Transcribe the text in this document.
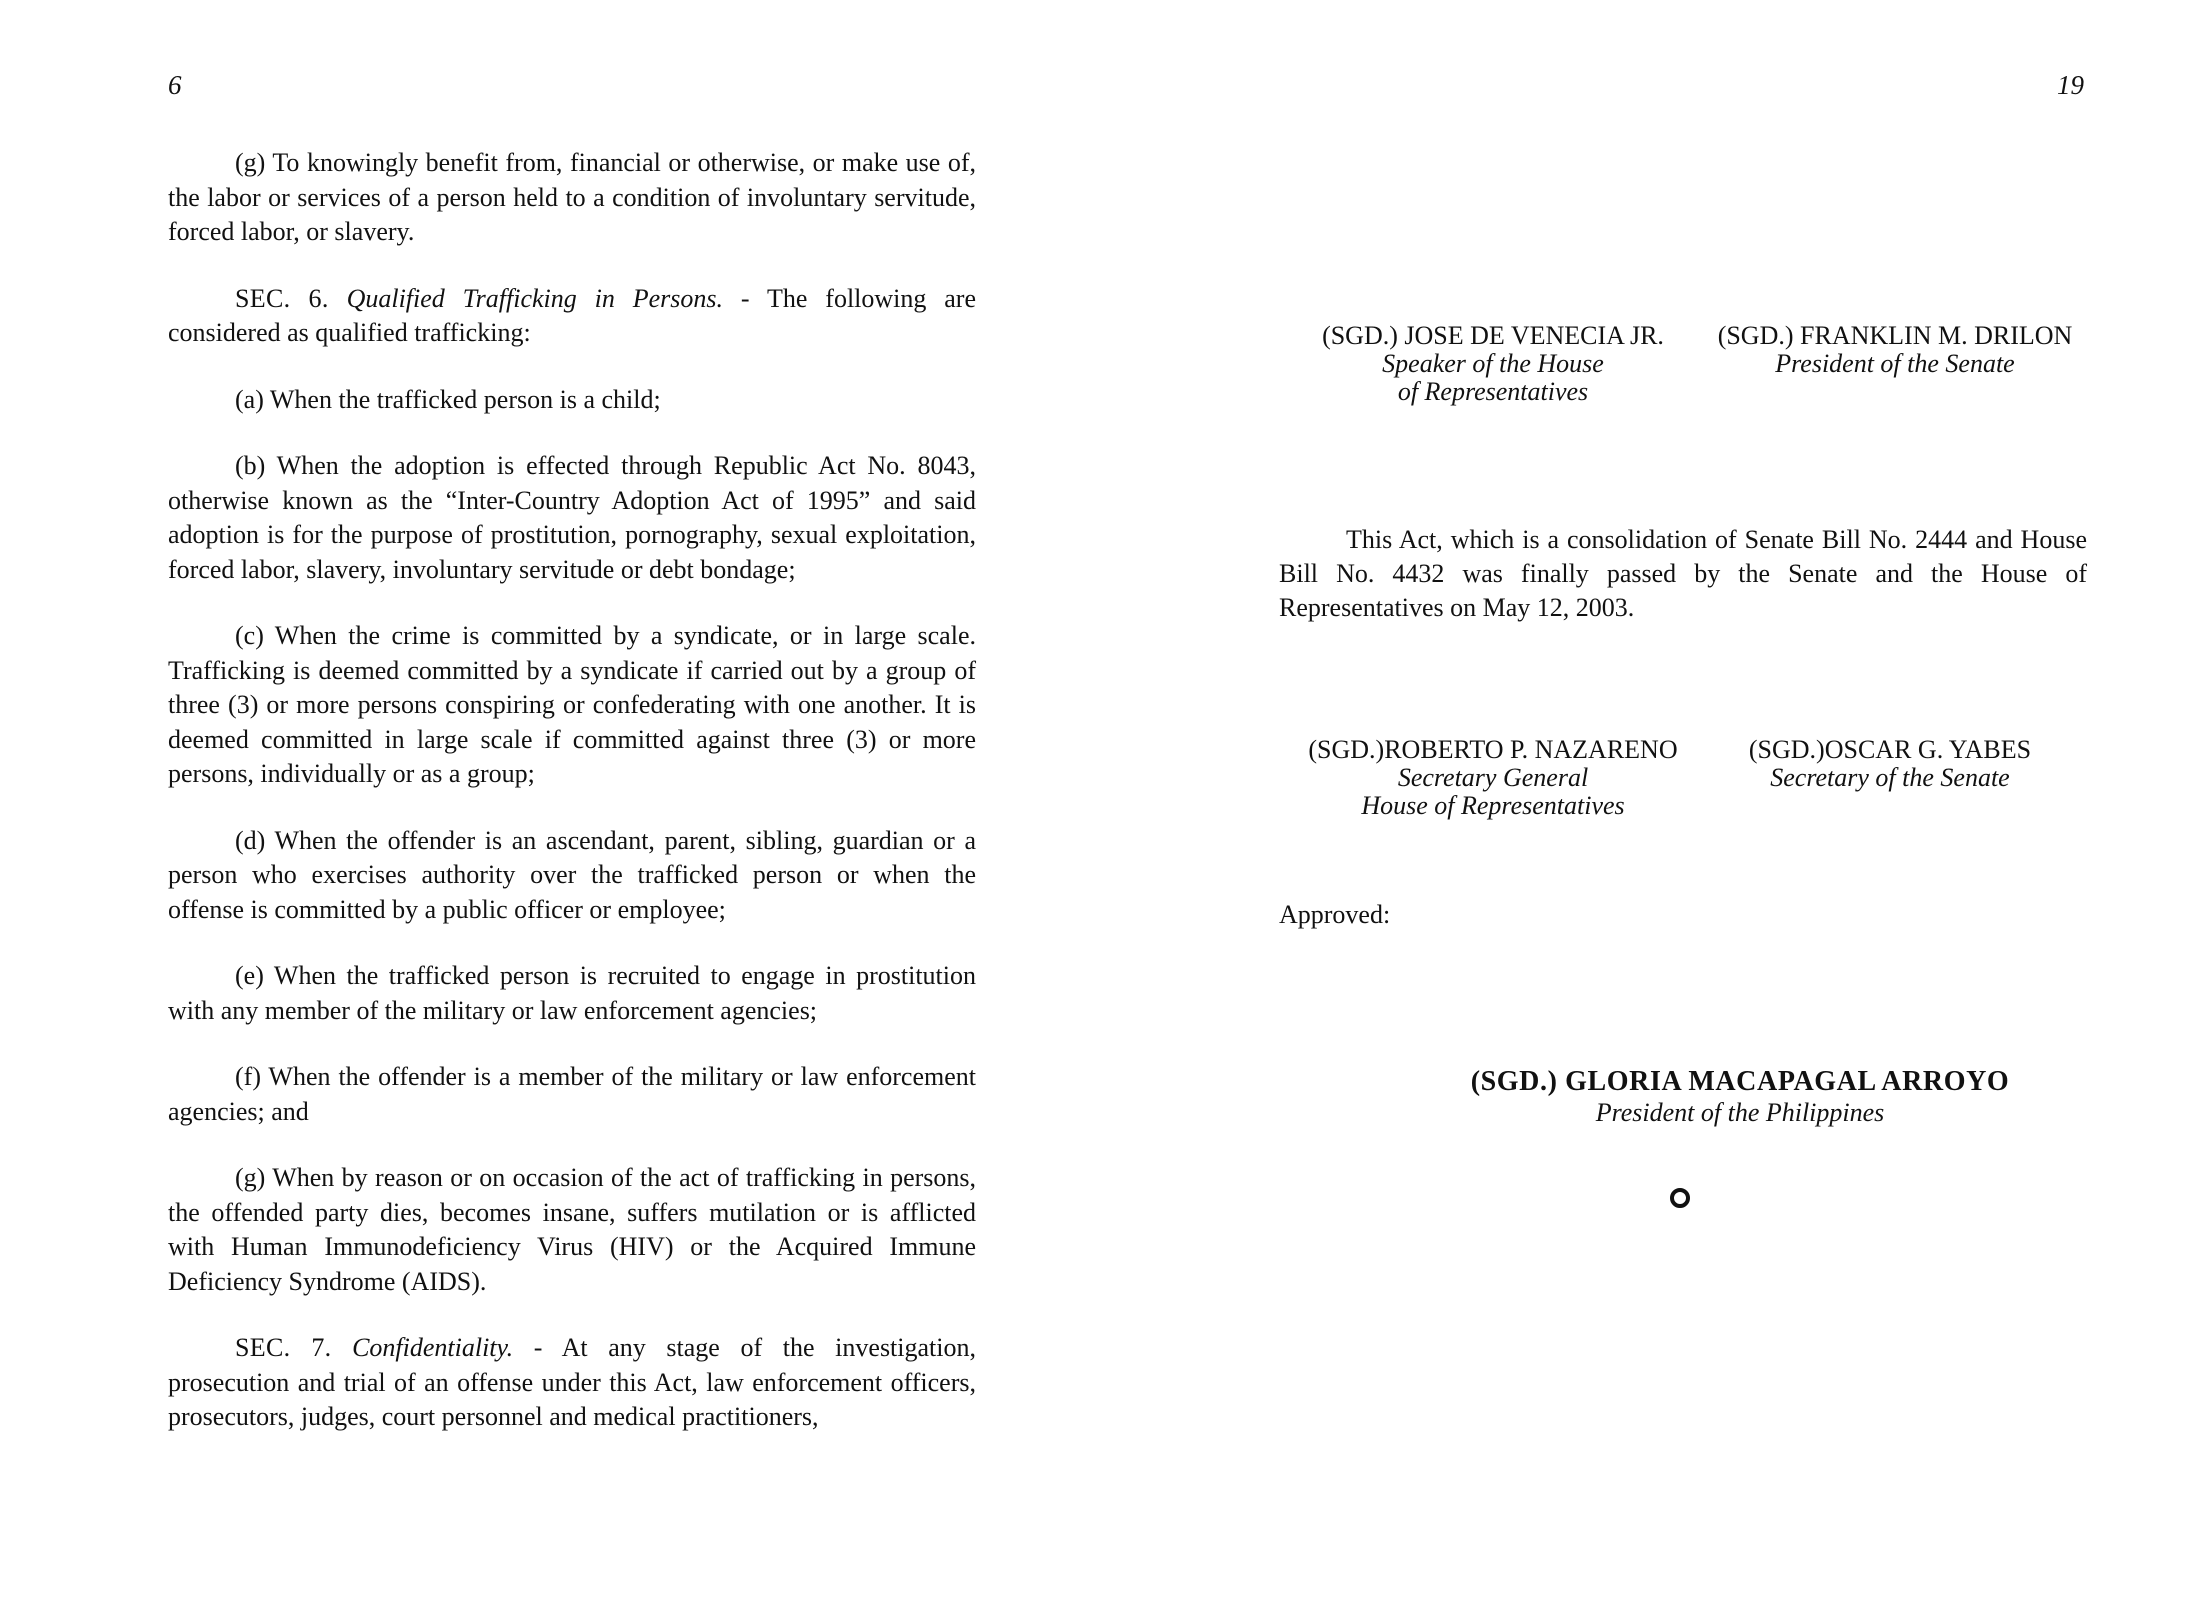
6

(g) To knowingly benefit from, financial or otherwise, or make use of, the labor or services of a person held to a condition of involuntary servitude, forced labor, or slavery.

SEC. 6. Qualified Trafficking in Persons. - The following are considered as qualified trafficking:

(a) When the trafficked person is a child;

(b) When the adoption is effected through Republic Act No. 8043, otherwise known as the “Inter-Country Adoption Act of 1995” and said adoption is for the purpose of prostitution, pornography, sexual exploitation, forced labor, slavery, involuntary servitude or debt bondage;

(c) When the crime is committed by a syndicate, or in large scale. Trafficking is deemed committed by a syndicate if carried out by a group of three (3) or more persons conspiring or confederating with one another. It is deemed committed in large scale if committed against three (3) or more persons, individually or as a group;

(d) When the offender is an ascendant, parent, sibling, guardian or a person who exercises authority over the trafficked person or when the offense is committed by a public officer or employee;

(e) When the trafficked person is recruited to engage in prostitution with any member of the military or law enforcement agencies;

(f) When the offender is a member of the military or law enforcement agencies; and

(g) When by reason or on occasion of the act of trafficking in persons, the offended party dies, becomes insane, suffers mutilation or is afflicted with Human Immunodeficiency Virus (HIV) or the Acquired Immune Deficiency Syndrome (AIDS).

SEC. 7. Confidentiality. - At any stage of the investigation, prosecution and trial of an offense under this Act, law enforcement officers, prosecutors, judges, court personnel and medical practitioners,

19
(SGD.) JOSE DE VENECIA JR.
Speaker of the House
of Representatives
(SGD.) FRANKLIN M. DRILON
President of the Senate

This Act, which is a consolidation of Senate Bill No. 2444 and House Bill No. 4432 was finally passed by the Senate and the House of Representatives on May 12, 2003.

(SGD.)ROBERTO P. NAZARENO
Secretary General
House of Representatives
(SGD.)OSCAR G. YABES
Secretary of the Senate
Approved:
(SGD.) GLORIA MACAPAGAL ARROYO
President of the Philippines
